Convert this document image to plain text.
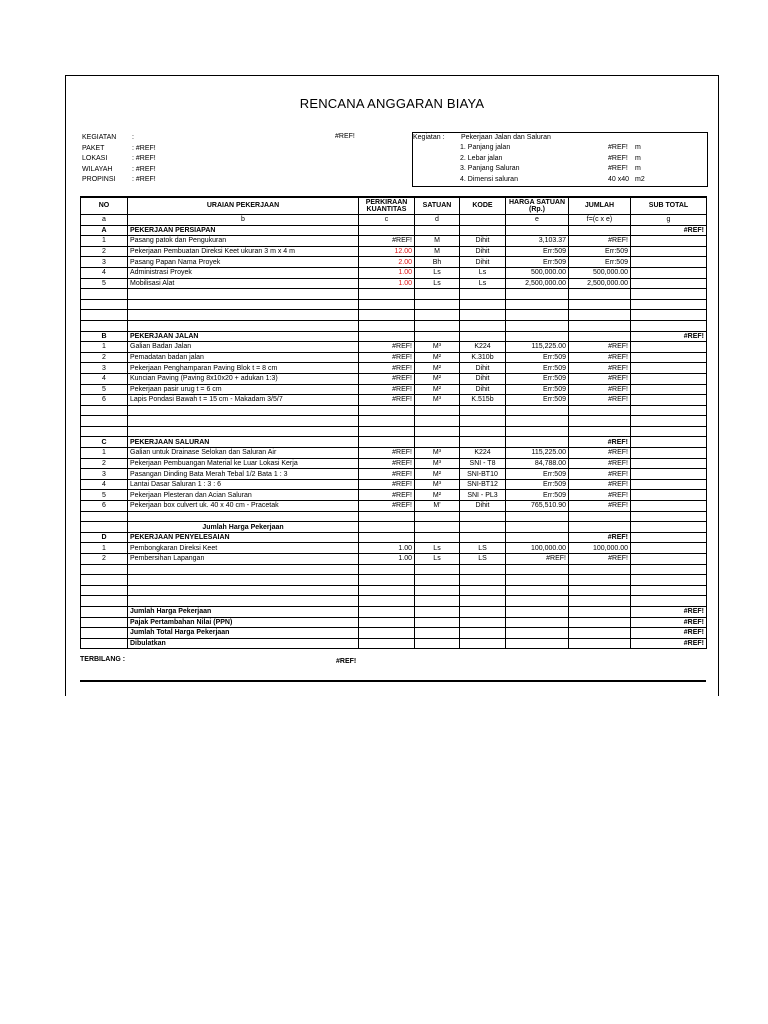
RENCANA ANGGARAN BIAYA
KEGIATAN :
PAKET	: #REF!
LOKASI	: #REF!
WILAYAH	: #REF!
PROPINSI : #REF!
#REF!	Kegiatan : Pekerjaan Jalan dan Saluran
1. Panjang jalan	#REF! m
2. Lebar jalan	#REF! m
3. Panjang Saluran	#REF! m
4. Dimensi saluran	40 x40 m2
NO	URAIAN PEKERJAAN	PERKIRAAN KUANTITAS	SATUAN	KODE	HARGA SATUAN (Rp.)	JUMLAH	SUB TOTAL
a	b	c	d		e	f=(c x e)	g
A	PEKERJAAN PERSIAPAN						#REF!
1	Pasang patok dan Pengukuran	#REF!	M	Dihit	3,103.37	#REF!	
2	Pekerjaan Pembuatan Direksi Keet ukuran 3 m x 4 m	12.00	M	Dihit	Err:509	Err:509	
3	Pasang Papan Nama Proyek	2.00	Bh	Dihit	Err:509	Err:509	
4	Administrasi Proyek	1.00	Ls	Ls	500,000.00	500,000.00	
5	Mobilisasi Alat	1.00	Ls	Ls	2,500,000.00	2,500,000.00	

B	PEKERJAAN JALAN						#REF!
1	Galian Badan Jalan	#REF!	M³	K224	115,225.00	#REF!	
2	Pemadatan badan jalan	#REF!	M²	K.310b	Err:509	#REF!	
3	Pekerjaan Penghamparan Paving Blok t = 8 cm	#REF!	M²	Dihit	Err:509	#REF!	
4	Kuncian Paving (Paving 8x10x20 + adukan 1:3)	#REF!	M²	Dihit	Err:509	#REF!	
5	Pekerjaan pasir urug t = 6 cm	#REF!	M²	Dihit	Err:509	#REF!	
6	Lapis Pondasi Bawah t = 15 cm - Makadam 3/5/7	#REF!	M³	K.515b	Err:509	#REF!	

C	PEKERJAAN SALURAN					#REF!	
1	Galian untuk Drainase Selokan dan Saluran Air	#REF!	M³	K224	115,225.00	#REF!	
2	Pekerjaan Pembuangan Material ke Luar Lokasi Kerja	#REF!	M³	SNI - T8	84,788.00	#REF!	
3	Pasangan Dinding Bata Merah Tebal 1/2 Bata 1 : 3	#REF!	M²	SNI-BT10	Err:509	#REF!	
4	Lantai Dasar Saluran 1 : 3 : 6	#REF!	M³	SNI-BT12	Err:509	#REF!	
5	Pekerjaan Plesteran dan Acian Saluran	#REF!	M²	SNI - PL3	Err:509	#REF!	
6	Pekerjaan box culvert uk. 40 x 40 cm - Pracetak	#REF!	M'	Dihit	765,510.90	#REF!	

	Jumlah Harga Pekerjaan						
D	PEKERJAAN PENYELESAIAN					#REF!	
1	Pembongkaran Direksi Keet	1.00	Ls	LS	100,000.00	100,000.00	
2	Pembersihan Lapangan	1.00	Ls	LS	#REF!	#REF!	

	Jumlah Harga Pekerjaan						#REF!
	Pajak Pertambahan Nilai (PPN)						#REF!
	Jumlah Total Harga Pekerjaan						#REF!
	Dibulatkan						#REF!
TERBILANG :	#REF!
